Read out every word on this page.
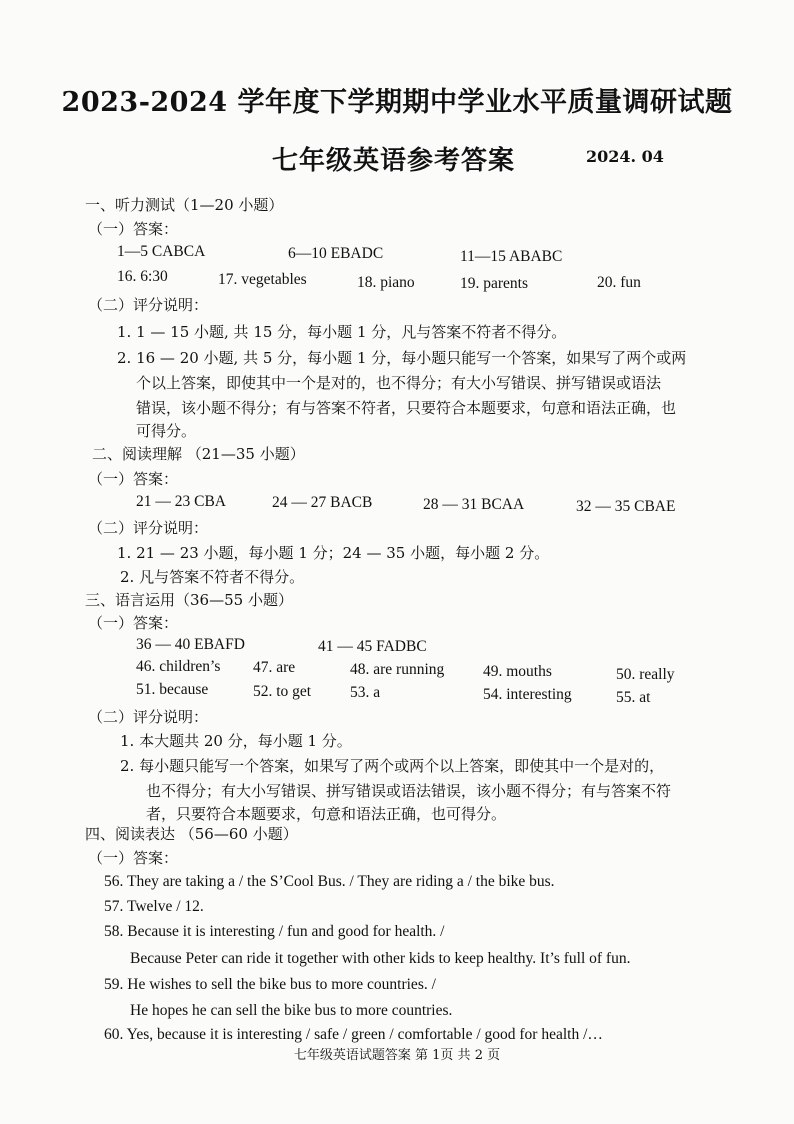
2023-2024 学年度下学期期中学业水平质量调研试题
七年级英语参考答案	2024. 04
一、听力测试（1—20 小题）
（一）答案：
1—5 CABCA	6—10 EBADC	11—15 ABABC
16. 6:30	17. vegetables	18. piano	19. parents	20. fun
（二）评分说明：
1. 1 — 15 小题, 共 15 分，每小题 1 分，凡与答案不符者不得分。
2. 16 — 20 小题, 共 5 分，每小题 1 分，每小题只能写一个答案，如果写了两个或两
个以上答案，即使其中一个是对的，也不得分；有大小写错误、拼写错误或语法
错误，该小题不得分；有与答案不符者，只要符合本题要求，句意和语法正确，也
可得分。
二、阅读理解 （21—35 小题）
（一）答案：
21 — 23 CBA	24 — 27 BACB	28 — 31 BCAA	32 — 35 CBAE
（二）评分说明：
1. 21 — 23 小题，每小题 1 分；24 — 35 小题，每小题 2 分。
2. 凡与答案不符者不得分。
三、语言运用（36—55 小题）
（一）答案：
36 — 40 EBAFD	41 — 45 FADBC
46. children’s 47. are	48. are running 49. mouths	50. really
51. because	52. to get	53. a	54. interesting	55. at
（二）评分说明：
1. 本大题共 20 分，每小题 1 分。
2. 每小题只能写一个答案，如果写了两个或两个以上答案，即使其中一个是对的，
也不得分；有大小写错误、拼写错误或语法错误，该小题不得分；有与答案不符
者，只要符合本题要求，句意和语法正确，也可得分。
四、阅读表达 （56—60 小题）
（一）答案：
56. They are taking a / the S’Cool Bus. / They are riding a / the bike bus.
57. Twelve / 12.
58. Because it is interesting / fun and good for health. /
Because Peter can ride it together with other kids to keep healthy. It’s full of fun.
59. He wishes to sell the bike bus to more countries. /
He hopes he can sell the bike bus to more countries.
60. Yes, because it is interesting / safe / green / comfortable / good for health /…
七年级英语试题答案 第 1页 共 2 页
